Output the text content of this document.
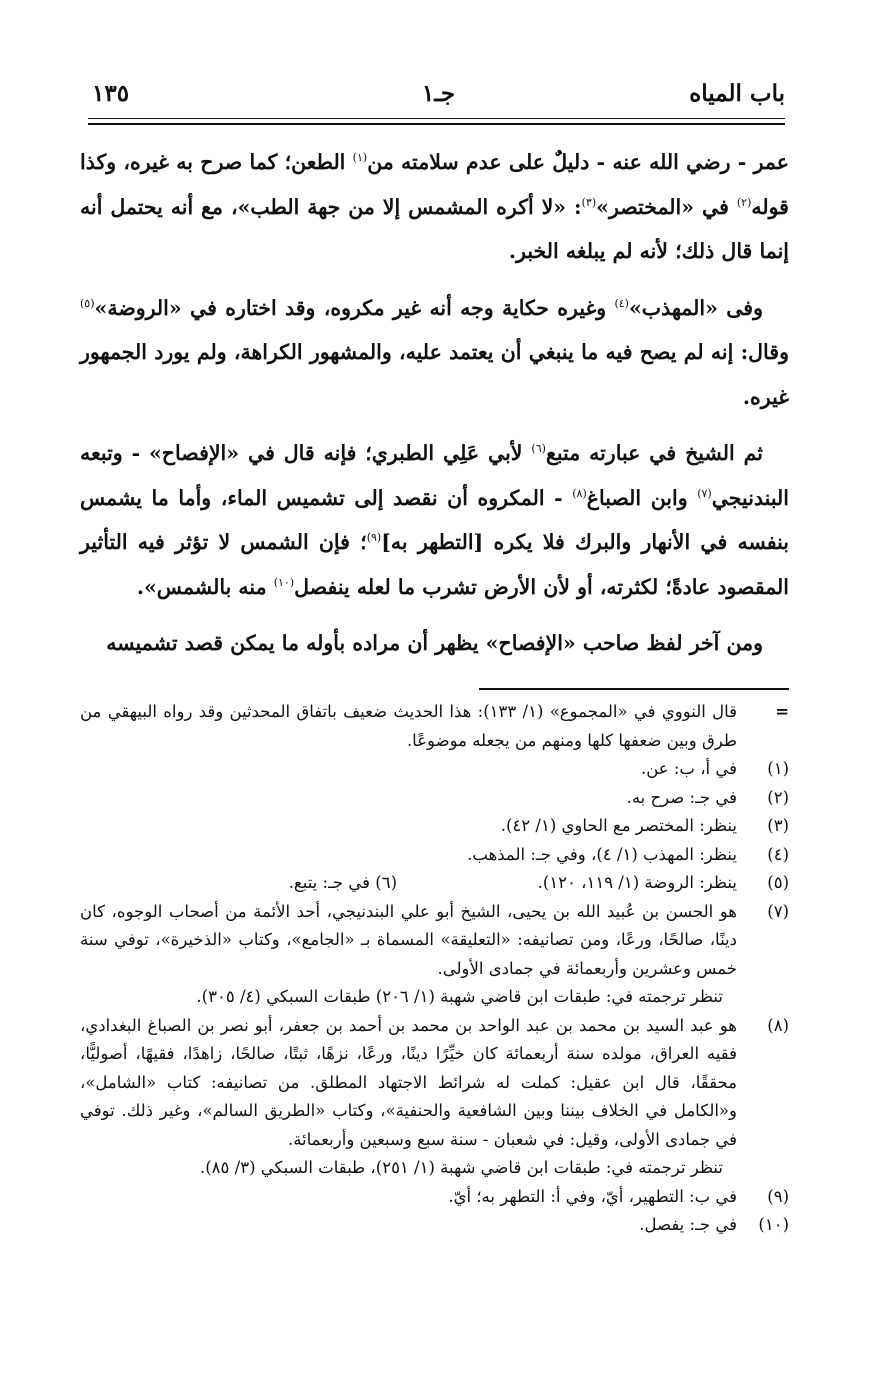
باب المياه
جـ١
١٣٥

عمر - رضي الله عنه - دليلٌ على عدم سلامته من$^{(١)}$ الطعن؛ كما صرح به غيره، وكذا قوله$^{(٢)}$ في «المختصر»$^{(٣)}$: «لا أكره المشمس إلا من جهة الطب»، مع أنه يحتمل أنه إنما قال ذلك؛ لأنه لم يبلغه الخبر.

وفى «المهذب»$^{(٤)}$ وغيره حكاية وجه أنه غير مكروه، وقد اختاره في «الروضة»$^{(٥)}$ وقال: إنه لم يصح فيه ما ينبغي أن يعتمد عليه، والمشهور الكراهة، ولم يورد الجمهور غيره.

ثم الشيخ في عبارته متبع$^{(٦)}$ لأبي عَلِي الطبري؛ فإنه قال في «الإفصاح» - وتبعه البندنيجي$^{(٧)}$ وابن الصباغ$^{(٨)}$ - المكروه أن نقصد إلى تشميس الماء، وأما ما يشمس بنفسه في الأنهار والبرك فلا يكره [التطهر به]$^{(٩)}$؛ فإن الشمس لا تؤثر فيه التأثير المقصود عادةً؛ لكثرته، أو لأن الأرض تشرب ما لعله ينفصل$^{(١٠)}$ منه بالشمس».

ومن آخر لفظ صاحب «الإفصاح» يظهر أن مراده بأوله ما يمكن قصد تشميسه

=
قال النووي في «المجموع» (١/ ١٣٣): هذا الحديث ضعيف باتفاق المحدثين وقد رواه البيهقي من طرق وبين ضعفها كلها ومنهم من يجعله موضوعًا.
(١)
في أ، ب: عن.
(٢)
في جـ: صرح به.
(٣)
ينظر: المختصر مع الحاوي (١/ ٤٢).
(٤)
ينظر: المهذب (١/ ٤)، وفي جـ: المذهب.
(٥)
ينظر: الروضة (١/ ١١٩، ١٢٠).
(٦) في جـ: يتبع.
(٧)
هو الحسن بن عُبيد الله بن يحيى، الشيخ أبو علي البندنيجي، أحد الأئمة من أصحاب الوجوه، كان دينًا، صالحًا، ورعًا، ومن تصانيفه: «التعليقة» المسماة بـ «الجامع»، وكتاب «الذخيرة»، توفي سنة خمس وعشرين وأربعمائة في جمادى الأولى.
تنظر ترجمته في: طبقات ابن قاضي شهبة (١/ ٢٠٦) طبقات السبكي (٤/ ٣٠٥).
(٨)
هو عبد السيد بن محمد بن عبد الواحد بن محمد بن أحمد بن جعفر، أبو نصر بن الصباغ البغدادي، فقيه العراق، مولده سنة أربعمائة كان خيِّرًا دينًا، ورعًا، نزهًا، ثبتًا، صالحًا، زاهدًا، فقيهًا، أصوليًّا، محققًا، قال ابن عقيل: كملت له شرائط الاجتهاد المطلق. من تصانيفه: كتاب «الشامل»، و«الكامل في الخلاف بيننا وبين الشافعية والحنفية»، وكتاب «الطريق السالم»، وغير ذلك. توفي في جمادى الأولى، وقيل: في شعبان - سنة سبع وسبعين وأربعمائة.
تنظر ترجمته في: طبقات ابن قاضي شهبة (١/ ٢٥١)، طبقات السبكي (٣/ ٨٥).
(٩)
في ب: التطهير، أيّ، وفي أ: التطهر به؛ أيّ.
(١٠)
في جـ: يفصل.
